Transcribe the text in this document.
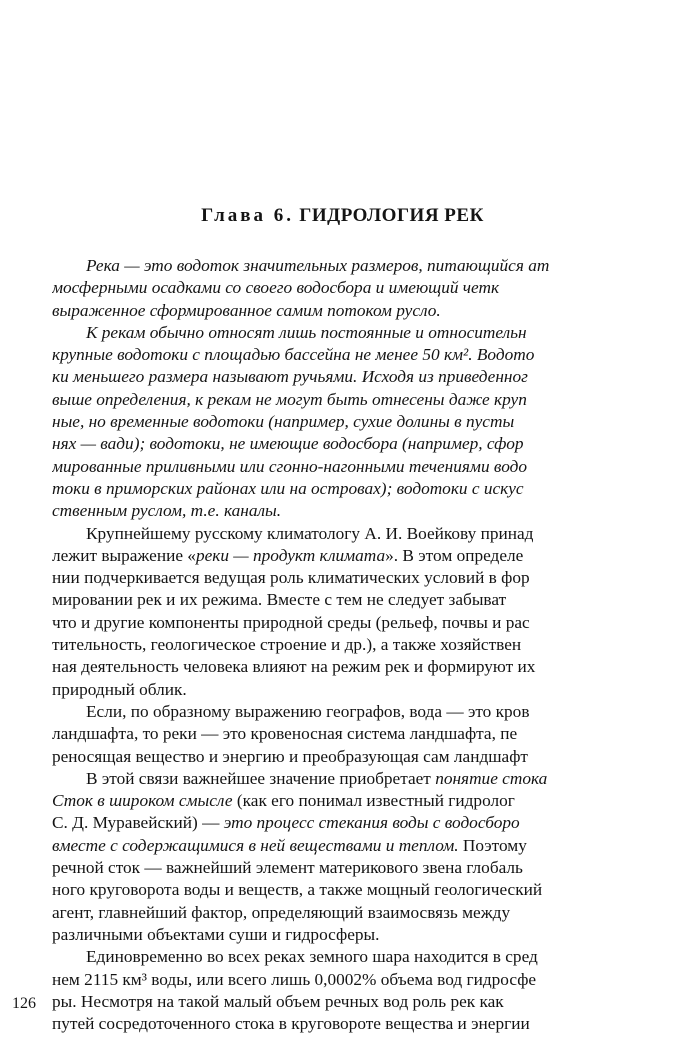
Глава 6. ГИДРОЛОГИЯ РЕК
Река — это водоток значительных размеров, питающийся ат
мосферными осадками со своего водосбора и имеющий четк
выраженное сформированное самим потоком русло.
К рекам обычно относят лишь постоянные и относительн
крупные водотоки с площадью бассейна не менее 50 км². Водото
ки меньшего размера называют ручьями. Исходя из приведенног
выше определения, к рекам не могут быть отнесены даже круп
ные, но временные водотоки (например, сухие долины в пусты
нях — вади); водотоки, не имеющие водосбора (например, сфор
мированные приливными или сгонно-нагонными течениями водо
токи в приморских районах или на островах); водотоки с искус
ственным руслом, т.е. каналы.
Крупнейшему русскому климатологу А. И. Воейкову принад
лежит выражение «реки — продукт климата». В этом определе
нии подчеркивается ведущая роль климатических условий в фор
мировании рек и их режима. Вместе с тем не следует забыват
что и другие компоненты природной среды (рельеф, почвы и рас
тительность, геологическое строение и др.), а также хозяйствен
ная деятельность человека влияют на режим рек и формируют их
природный облик.
Если, по образному выражению географов, вода — это кров
ландшафта, то реки — это кровеносная система ландшафта, пе
реносящая вещество и энергию и преобразующая сам ландшафт
В этой связи важнейшее значение приобретает понятие стока
Сток в широком смысле (как его понимал известный гидролог
С. Д. Муравейский) — это процесс стекания воды с водосборо
вместе с содержащимися в ней веществами и теплом. Поэтому
речной сток — важнейший элемент материкового звена глобаль
ного круговорота воды и веществ, а также мощный геологический
агент, главнейший фактор, определяющий взаимосвязь между
различными объектами суши и гидросферы.
Единовременно во всех реках земного шара находится в сред
нем 2115 км³ воды, или всего лишь 0,0002% объема вод гидросфе
ры. Несмотря на такой малый объем речных вод роль рек как
путей сосредоточенного стока в круговороте вещества и энергии
126
